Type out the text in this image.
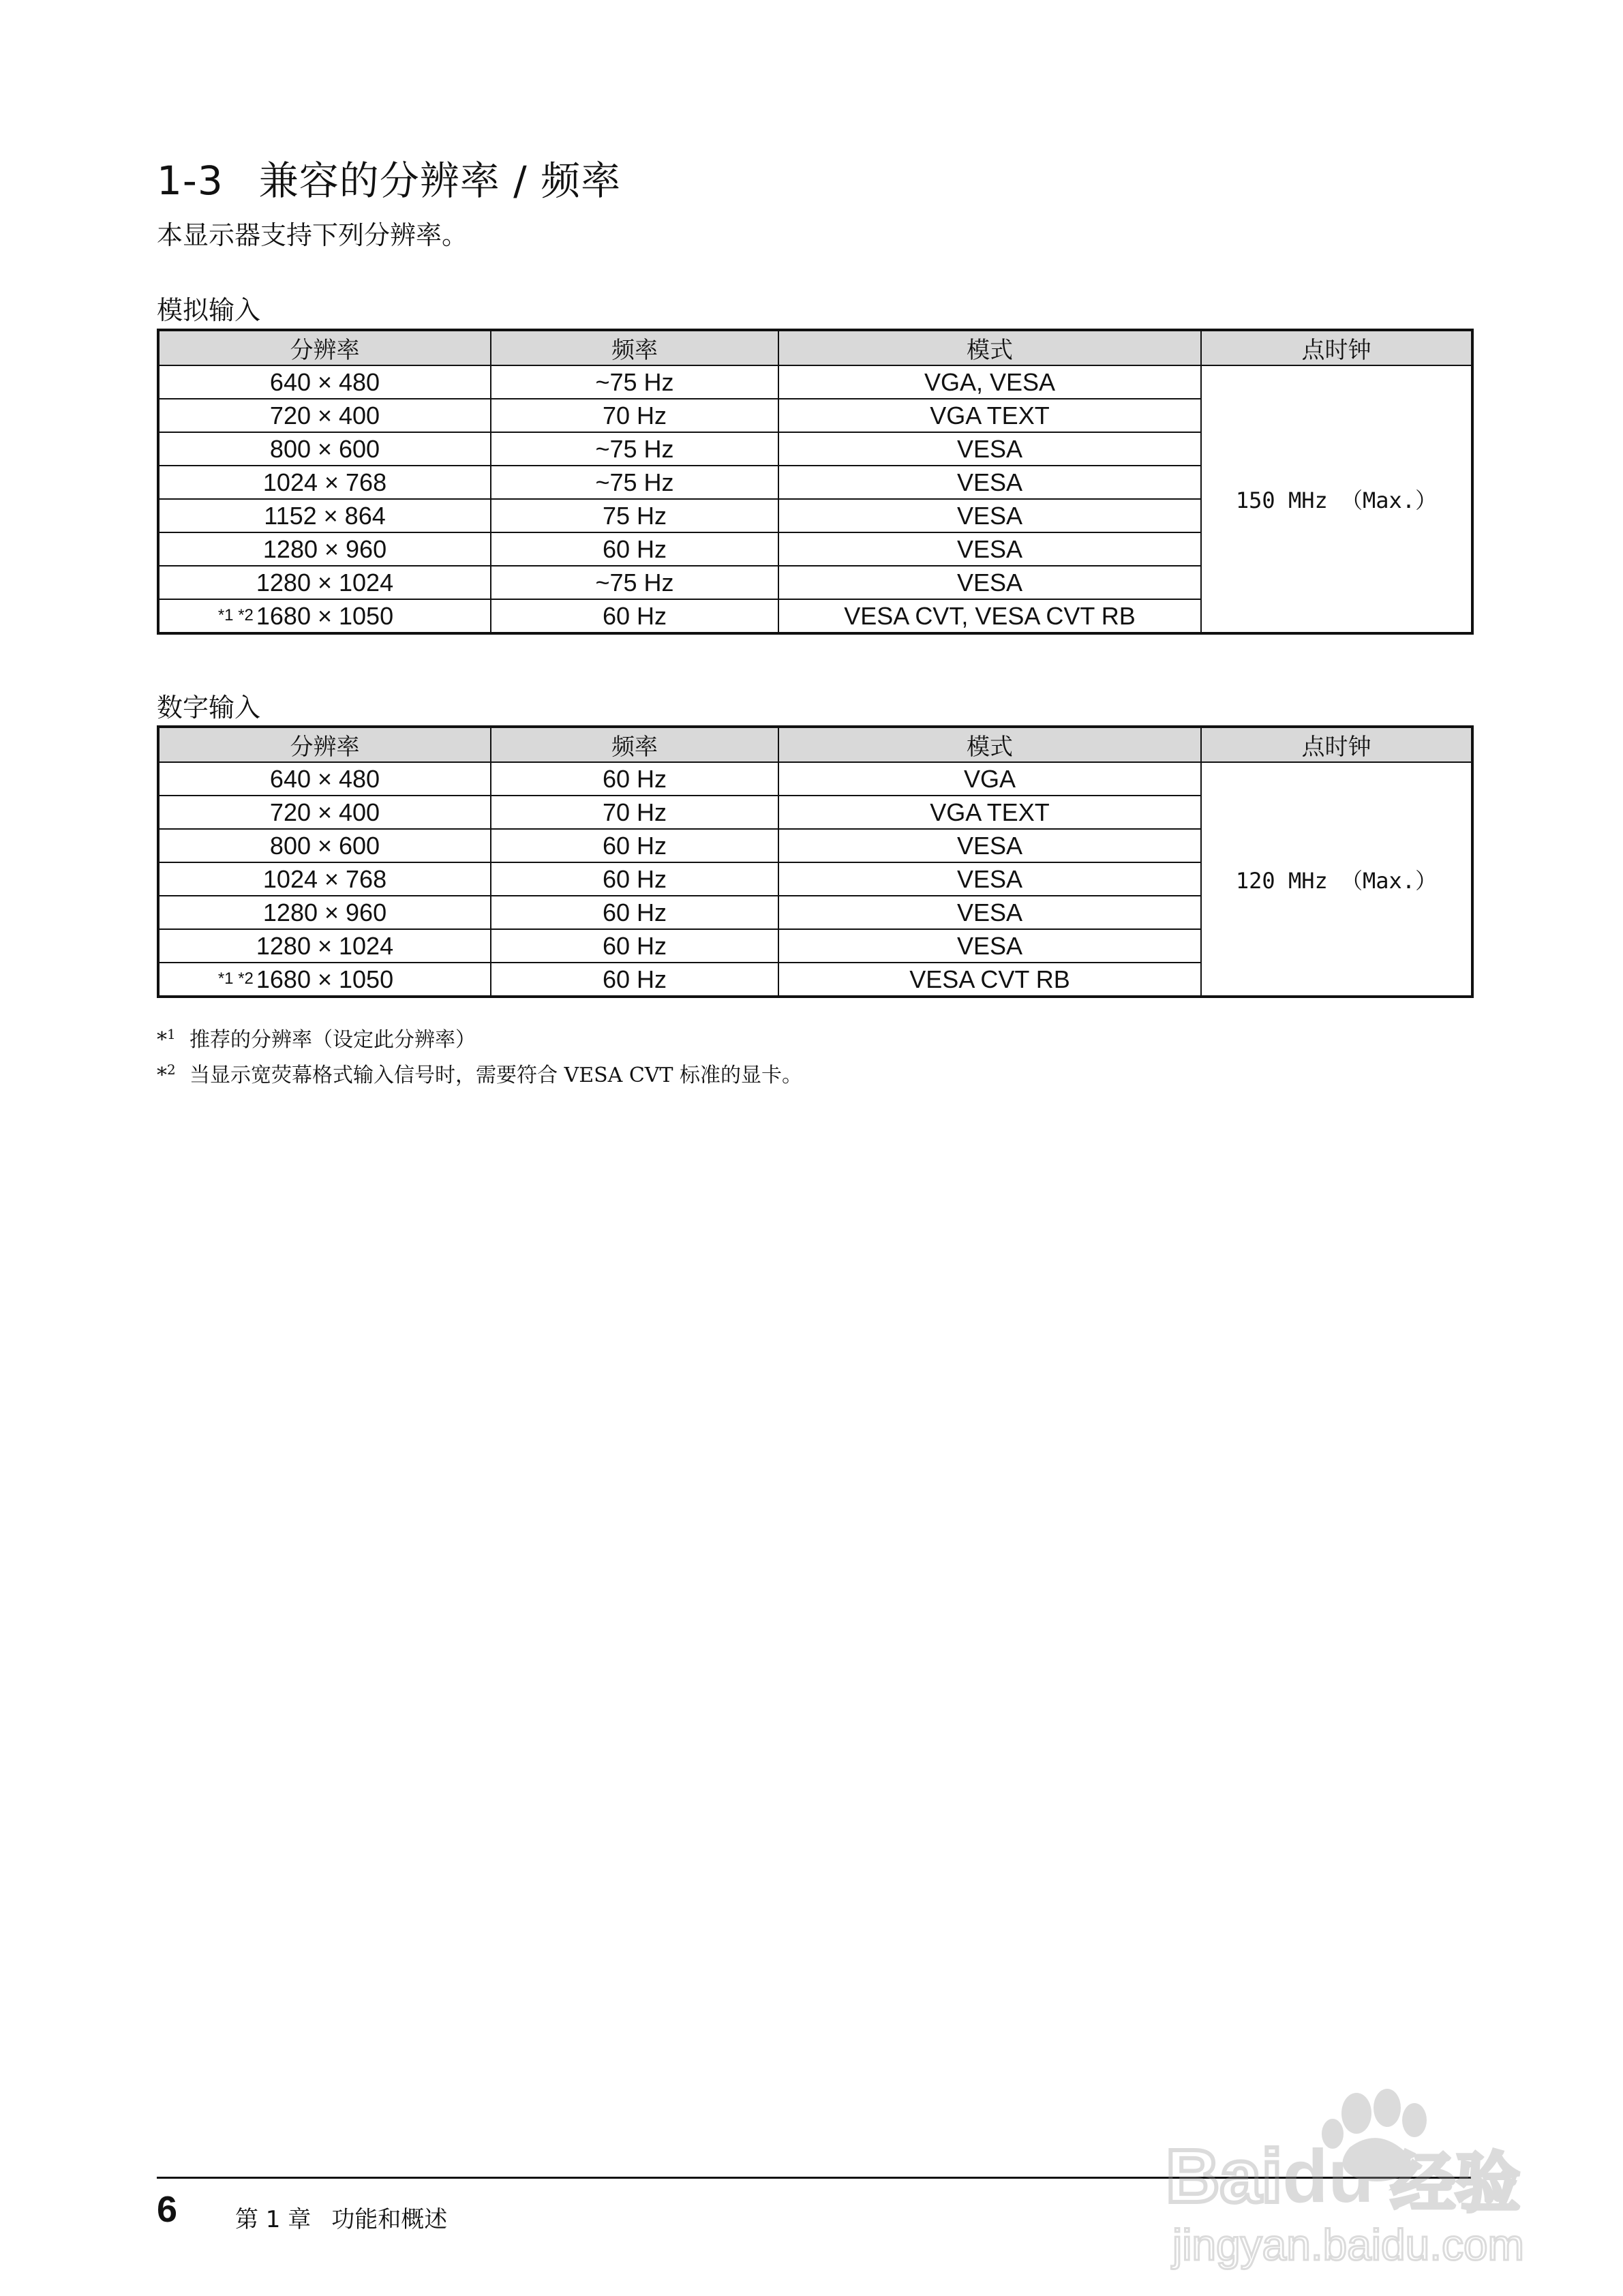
1-3 兼容的分辨率 / 频率
本显示器支持下列分辨率。
模拟输入
分辨率	频率	模式	点时钟
640 × 480	~75 Hz	VGA, VESA	150 MHz （Max.）
720 × 400	70 Hz	VGA TEXT	
800 × 600	~75 Hz	VESA	
1024 × 768	~75 Hz	VESA	
1152 × 864	75 Hz	VESA	
1280 × 960	60 Hz	VESA	
1280 × 1024	~75 Hz	VESA	

*1 *2 1680 × 1050	60 Hz	VESA CVT, VESA CVT RB	
数字输入
分辨率	频率	模式	点时钟
640 × 480	60 Hz	VGA	120 MHz （Max.）
720 × 400	70 Hz	VGA TEXT	
800 × 600	60 Hz	VESA	
1024 × 768	60 Hz	VESA	
1280 × 960	60 Hz	VESA	
1280 × 1024	60 Hz	VESA	

*1 *2 1680 × 1050	60 Hz	VESA CVT RB	
*$^1$ 推荐的分辨率（设定此分辨率）
*$^2$ 当显示宽荧幕格式输入信号时，需要符合 VESA CVT 标准的显卡。
6 第 1 章 功能和概述
Baidu 经验
jingyan.baidu.com
